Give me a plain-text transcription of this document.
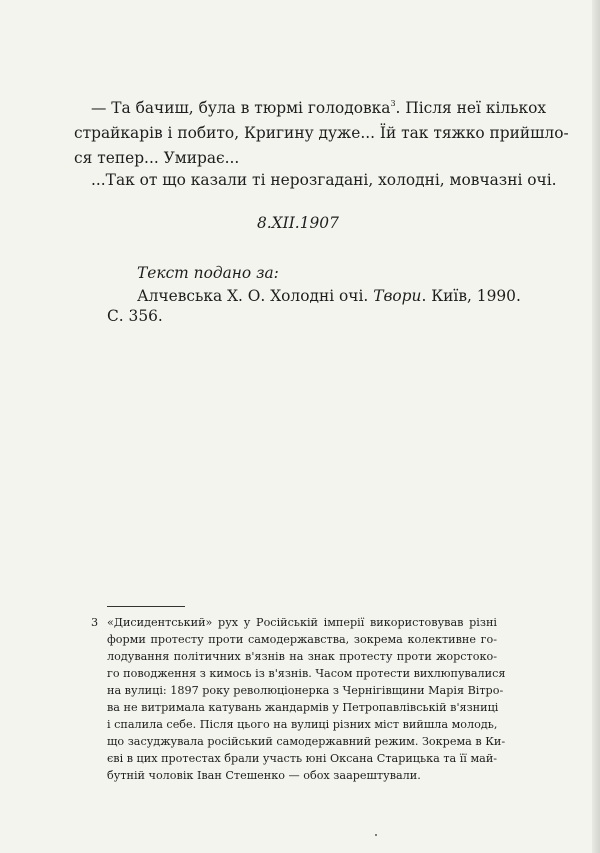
— Та бачиш, була в тюрмі голодовка$^3$. Після неї кількох
страйкарів і побито, Кригину дуже... Їй так тяжко прийшло-
ся тепер... Умирає...
...Так от що казали ті нерозгадані, холодні, мовчазні очі.
8.XII.1907
Текст подано за:
Алчевська Х. О. Холодні очі. Твори. Київ, 1990.
С. 356.
3 «Дисидентський» рух у Російській імперії використовував різні
форми протесту проти самодержавства, зокрема колективне го-
лодування політичних в'язнів на знак протесту проти жорстоко-
го поводження з кимось із в'язнів. Часом протести вихлюпувалися
на вулиці: 1897 року революціонерка з Чернігівщини Марія Вітро-
ва не витримала катувань жандармів у Петропавлівській в'язниці
і спалила себе. Після цього на вулиці різних міст вийшла молодь,
що засуджувала російський самодержавний режим. Зокрема в Ки-
єві в цих протестах брали участь юні Оксана Старицька та її май-
бутній чоловік Іван Стешенко — обох заарештували.
